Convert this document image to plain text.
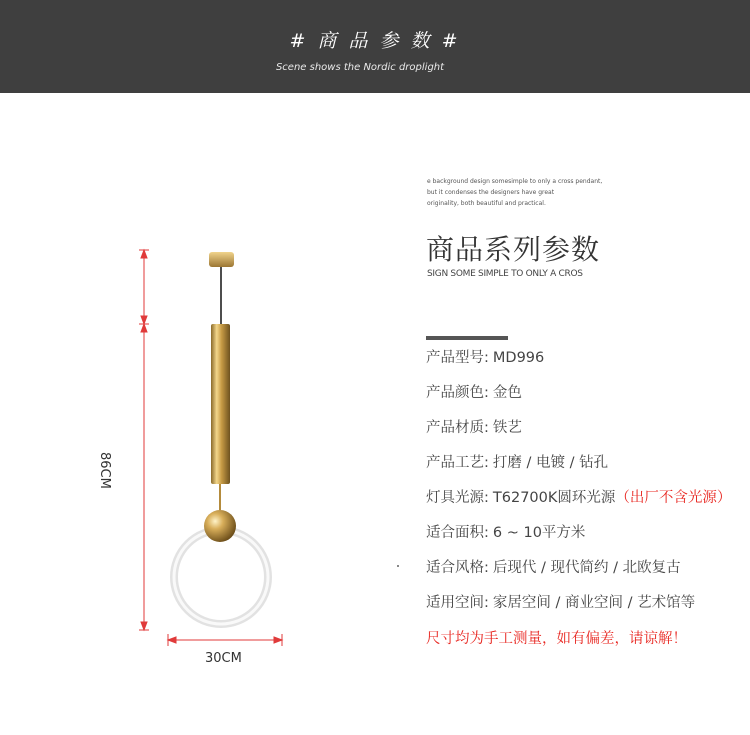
# 商 品 参 数 #
Scene shows the Nordic droplight
86CM
30CM
e background design somesimple to only a cross pendant,
but it condenses the designers have great
originality, both beautiful and practical.
商品系列参数
SIGN SOME SIMPLE TO ONLY A CROS
产品型号: MD996
产品颜色: 金色
产品材质: 铁艺
产品工艺: 打磨 / 电镀 / 钻孔
灯具光源:T62700K圆环光源（出厂不含光源）
适合面积: 6 ~ 10平方米
适合风格: 后现代 / 现代简约 / 北欧复古
适用空间: 家居空间 / 商业空间 / 艺术馆等
尺寸均为手工测量，如有偏差，请谅解！
